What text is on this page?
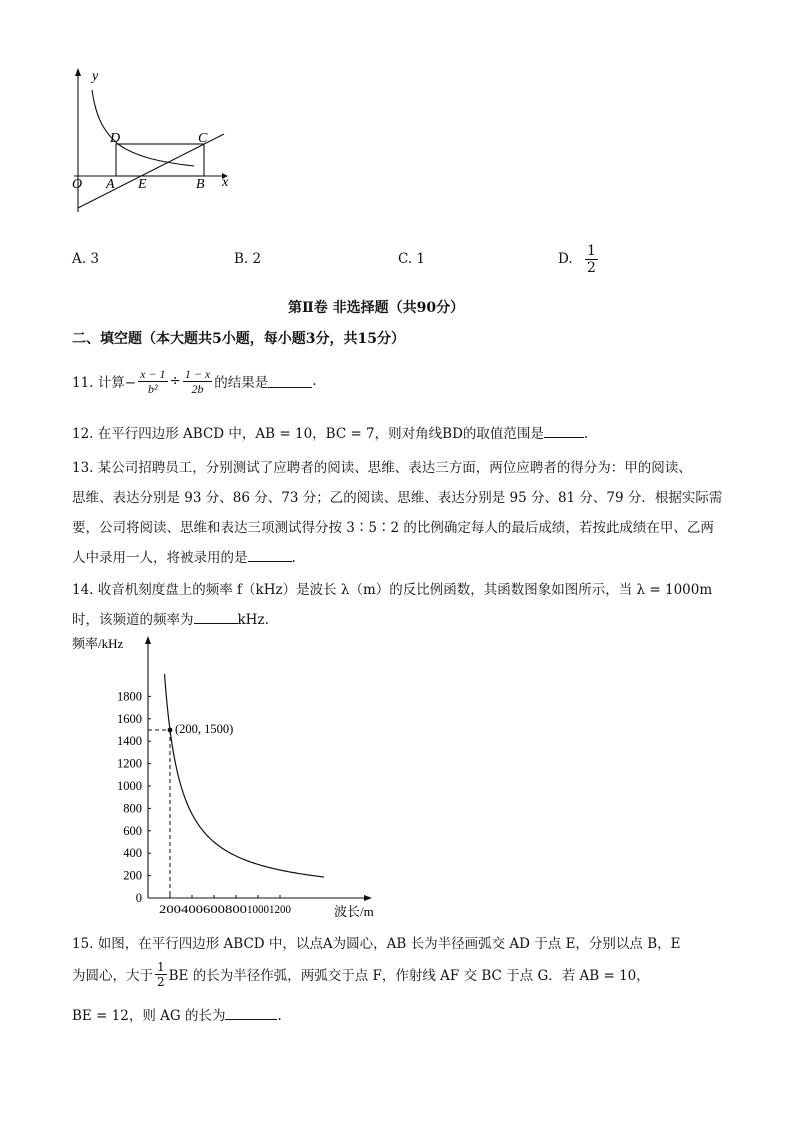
y
x
O A E	B
C
D
A. 3	B. 2	C. 1	D. $\frac{1}{2}$
第Ⅱ卷 非选择题（共90分）
二、填空题（本大题共5小题，每小题3分，共15分）
11. 计算− $\frac{x - 1}{\text{b²}} \div \frac{1 - x}{2b}$ 的结果是	.
12. 在平行四边形 ABCD 中，AB = 10，BC = 7，则对角线BD的取值范围是	.
13. 某公司招聘员工，分别测试了应聘者的阅读、思维、表达三方面，两位应聘者的得分为：甲的阅读、
思维、表达分别是 93 分、86 分、73 分；乙的阅读、思维、表达分别是 95 分、81 分、79 分．根据实际需
要，公司将阅读、思维和表达三项测试得分按 3∶5∶2 的比例确定每人的最后成绩，若按此成绩在甲、乙两
人中录用一人，将被录用的是	.
14. 收音机刻度盘上的频率 f（kHz）是波长 λ（m）的反比例函数，其函数图象如图所示，当 λ = 1000m
时，该频道的频率为	kHz.
频率/kHz
波长/m
0
200
400
600
800
1000
1200
1400
1600
1800
200 400 600 800 1000 1200
(200, 1500)
15. 如图，在平行四边形 ABCD 中，以点A为圆心，AB 长为半径画弧交 AD 于点 E，分别以点 B，E
为圆心，大于 $\frac{1}{2}$ BE 的长为半径作弧，两弧交于点 F，作射线 AF 交 BC 于点 G．若 AB = 10，
BE = 12，则 AG 的长为	.
